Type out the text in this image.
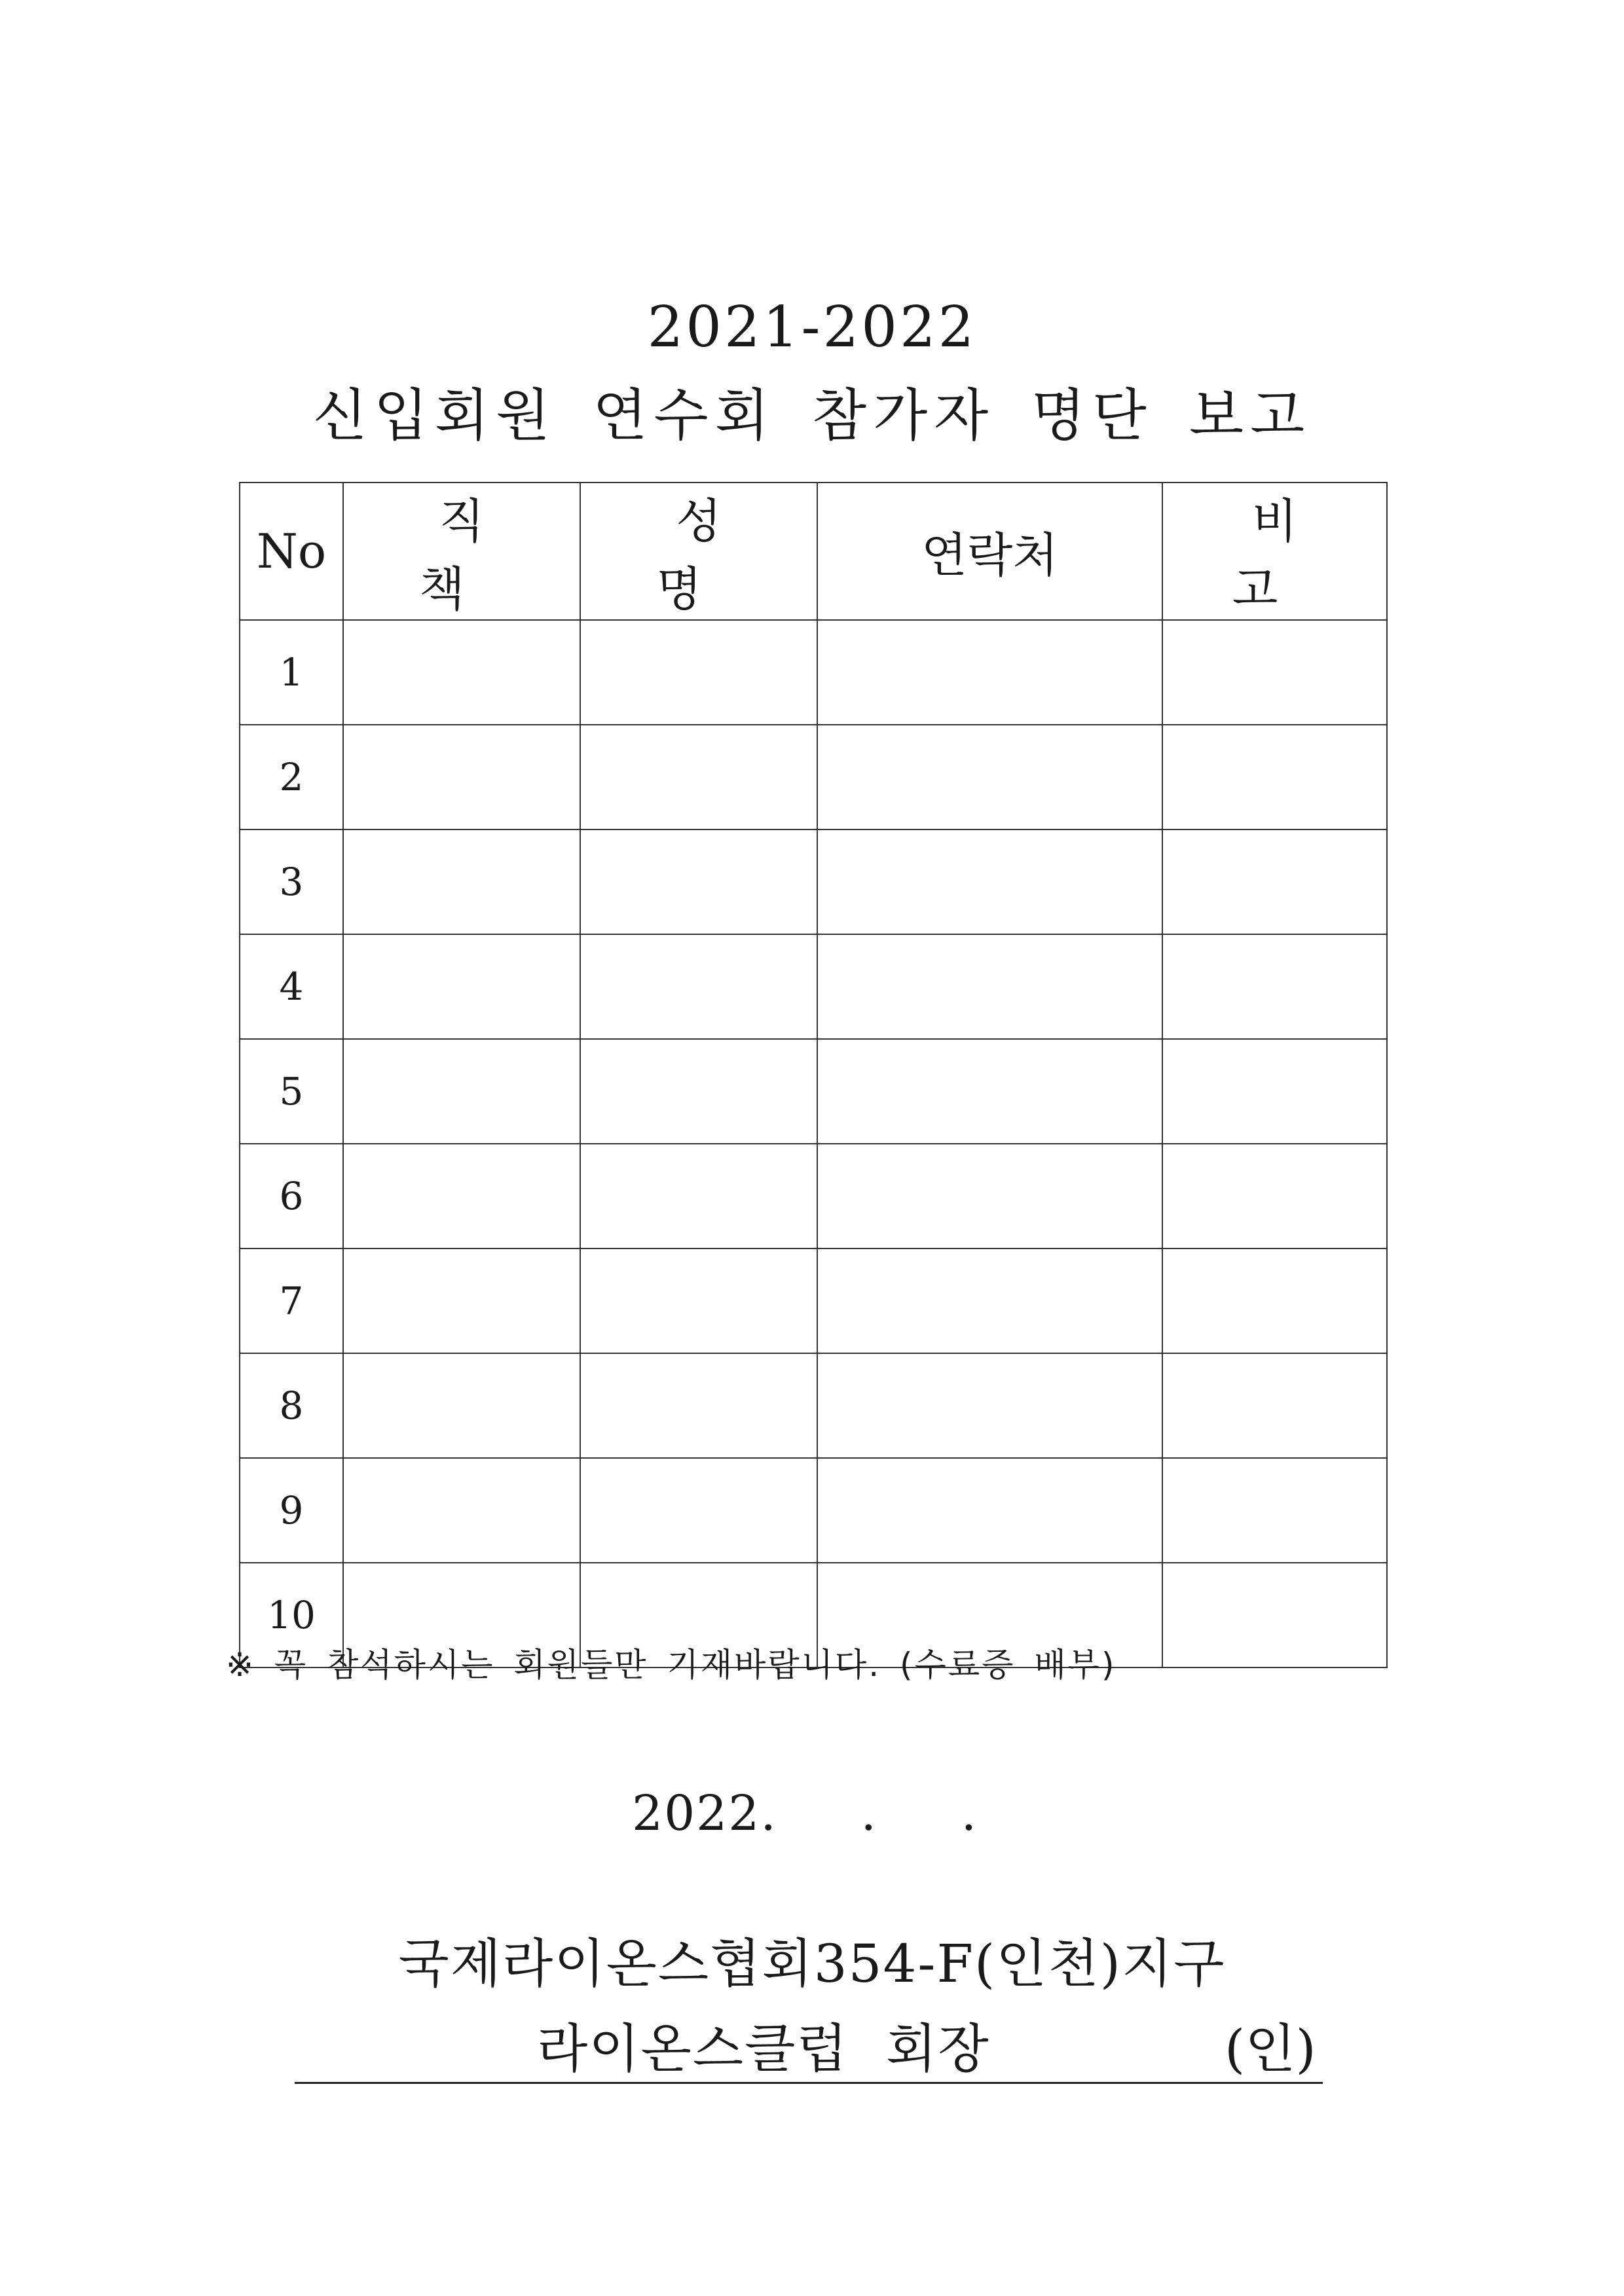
2021-2022
신입회원 연수회 참가자 명단 보고
No	직 책	성 명	연락처	비 고
1				
2				
3				
4				
5				
6				
7				
8				
9				
10				
※ 꼭 참석하시는 회원들만 기재바랍니다. (수료증 배부)
2022.     .     .
국제라이온스협회354-F(인천)지구
라이온스클럽 회장	(인)
